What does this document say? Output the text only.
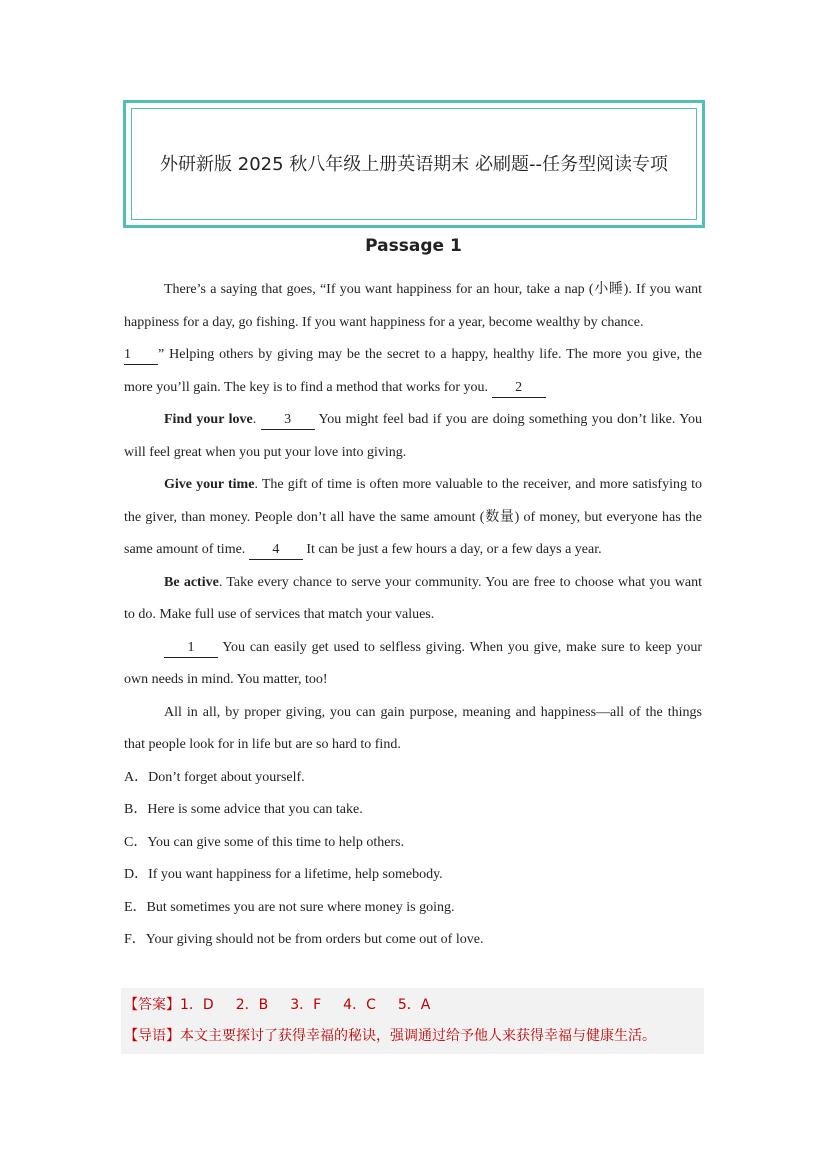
外研新版 2025 秋八年级上册英语期末 必刷题--任务型阅读专项
Passage 1

There’s a saying that goes, “If you want happiness for an hour, take a nap (小睡). If you want happiness for a day, go fishing. If you want happiness for a year, become wealthy by chance.
1 ” Helping others by giving may be the secret to a happy, healthy life. The more you give, the more you’ll gain. The key is to find a method that works for you. 2

Find your love. 3 You might feel bad if you are doing something you don’t like. You will feel great when you put your love into giving.

Give your time. The gift of time is often more valuable to the receiver, and more satisfying to the giver, than money. People don’t all have the same amount (数量) of money, but everyone has the same amount of time. 4 It can be just a few hours a day, or a few days a year.

Be active. Take every chance to serve your community. You are free to choose what you want to do. Make full use of services that match your values.

1 You can easily get used to selfless giving. When you give, make sure to keep your own needs in mind. You matter, too!

All in all, by proper giving, you can gain purpose, meaning and happiness—all of the things that people look for in life but are so hard to find.

A．Don’t forget about yourself.
B．Here is some advice that you can take.
C．You can give some of this time to help others.
D．If you want happiness for a lifetime, help somebody.
E．But sometimes you are not sure where money is going.
F．Your giving should not be from orders but come out of love.
【答案】1．D 2．B 3．F 4．C 5．A
【导语】本文主要探讨了获得幸福的秘诀，强调通过给予他人来获得幸福与健康生活。
